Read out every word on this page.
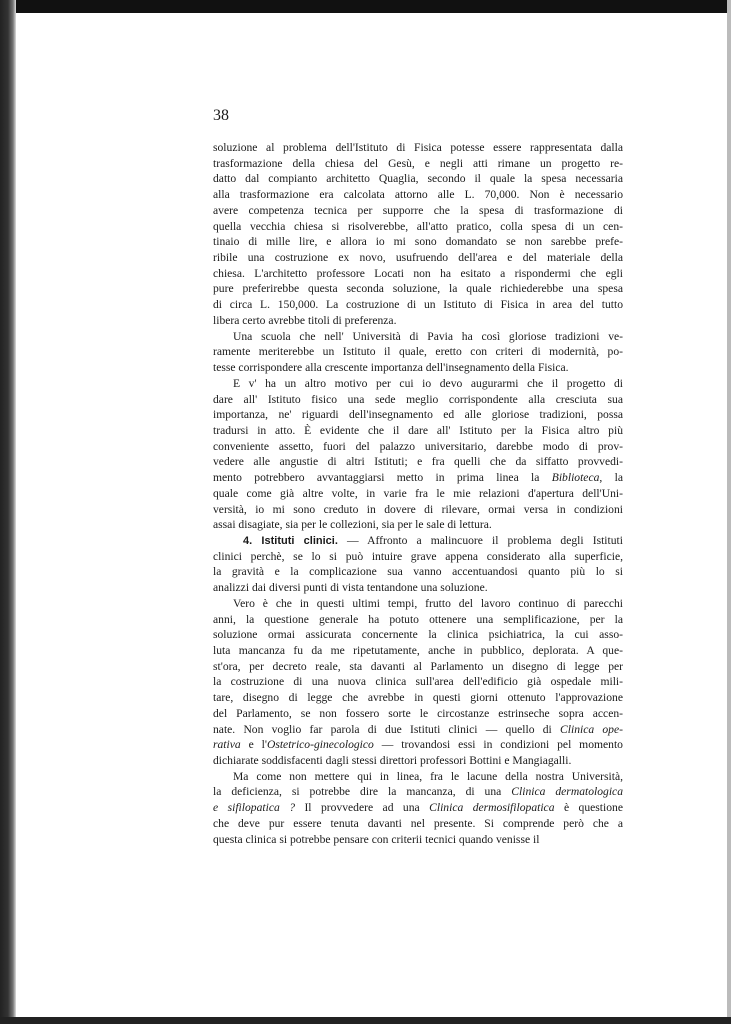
38
soluzione al problema dell'Istituto di Fisica potesse essere rappresentata dalla
trasformazione della chiesa del Gesù, e negli atti rimane un progetto re-
datto dal compianto architetto Quaglia, secondo il quale la spesa necessaria
alla trasformazione era calcolata attorno alle L. 70,000. Non è necessario
avere competenza tecnica per supporre che la spesa di trasformazione di
quella vecchia chiesa si risolverebbe, all'atto pratico, colla spesa di un cen-
tinaio di mille lire, e allora io mi sono domandato se non sarebbe prefe-
ribile una costruzione ex novo, usufruendo dell'area e del materiale della
chiesa. L'architetto professore Locati non ha esitato a rispondermi che egli
pure preferirebbe questa seconda soluzione, la quale richiederebbe una spesa
di circa L. 150,000. La costruzione di un Istituto di Fisica in area del tutto
libera certo avrebbe titoli di preferenza.
Una scuola che nell' Università di Pavia ha così gloriose tradizioni ve-
ramente meriterebbe un Istituto il quale, eretto con criteri di modernità, po-
tesse corrispondere alla crescente importanza dell'insegnamento della Fisica.
E v' ha un altro motivo per cui io devo augurarmi che il progetto di
dare all' Istituto fisico una sede meglio corrispondente alla cresciuta sua
importanza, ne' riguardi dell'insegnamento ed alle gloriose tradizioni, possa
tradursi in atto. È evidente che il dare all' Istituto per la Fisica altro più
conveniente assetto, fuori del palazzo universitario, darebbe modo di prov-
vedere alle angustie di altri Istituti; e fra quelli che da siffatto provvedi-
mento potrebbero avvantaggiarsi metto in prima linea la Biblioteca, la
quale come già altre volte, in varie fra le mie relazioni d'apertura dell'Uni-
versità, io mi sono creduto in dovere di rilevare, ormai versa in condizioni
assai disagiate, sia per le collezioni, sia per le sale di lettura.
4. Istituti clinici. — Affronto a malincuore il problema degli Istituti
clinici perchè, se lo si può intuire grave appena considerato alla superficie,
la gravità e la complicazione sua vanno accentuandosi quanto più lo si
analizzi dai diversi punti di vista tentandone una soluzione.
Vero è che in questi ultimi tempi, frutto del lavoro continuo di parecchi
anni, la questione generale ha potuto ottenere una semplificazione, per la
soluzione ormai assicurata concernente la clinica psichiatrica, la cui asso-
luta mancanza fu da me ripetutamente, anche in pubblico, deplorata. A que-
st'ora, per decreto reale, sta davanti al Parlamento un disegno di legge per
la costruzione di una nuova clinica sull'area dell'edificio già ospedale mili-
tare, disegno di legge che avrebbe in questi giorni ottenuto l'approvazione
del Parlamento, se non fossero sorte le circostanze estrinseche sopra accen-
nate. Non voglio far parola di due Istituti clinici — quello di Clinica ope-
rativa e l'Ostetrico-ginecologico — trovandosi essi in condizioni pel momento
dichiarate soddisfacenti dagli stessi direttori professori Bottini e Mangiagalli.
Ma come non mettere qui in linea, fra le lacune della nostra Università,
la deficienza, si potrebbe dire la mancanza, di una Clinica dermatologica
e sifilopatica ? Il provvedere ad una Clinica dermosifilopatica è questione
che deve pur essere tenuta davanti nel presente. Si comprende però che a
questa clinica si potrebbe pensare con criterii tecnici quando venisse il
